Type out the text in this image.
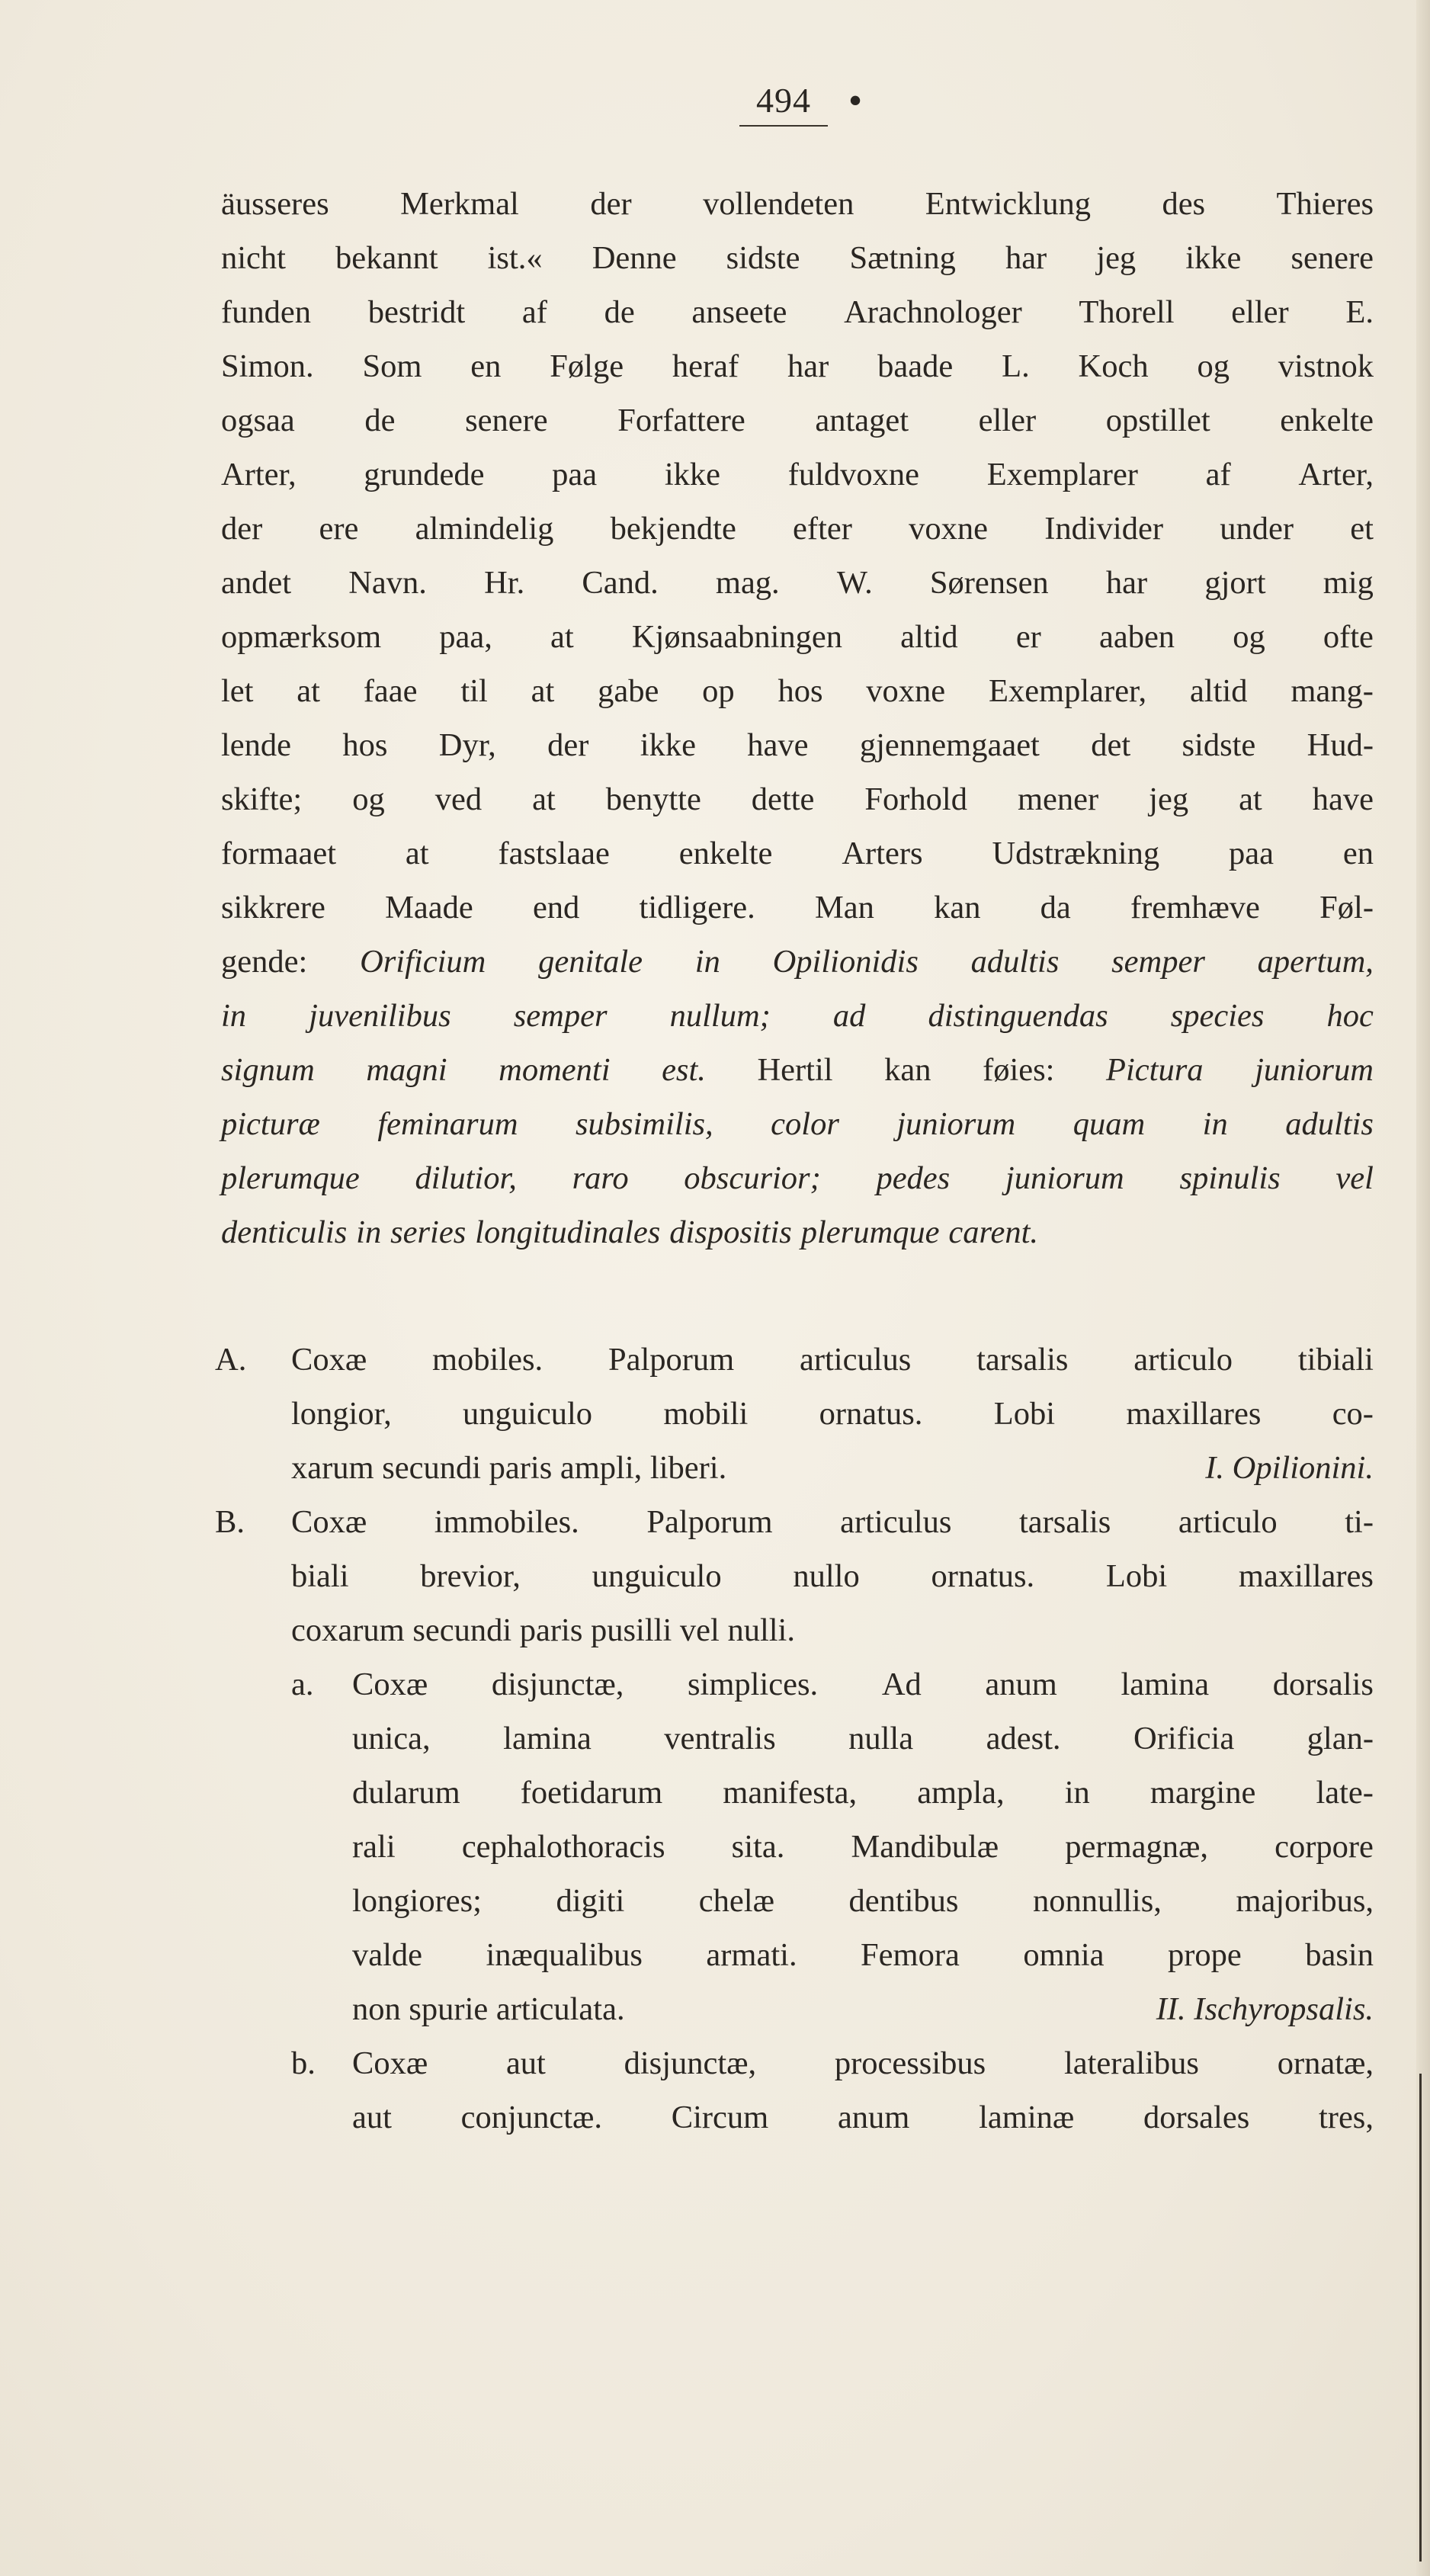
494 •
äusseres Merkmal der vollendeten Entwicklung des Thieres
nicht bekannt ist.« Denne sidste Sætning har jeg ikke senere
funden bestridt af de anseete Arachnologer Thorell eller E.
Simon. Som en Følge heraf har baade L. Koch og vistnok
ogsaa de senere Forfattere antaget eller opstillet enkelte
Arter, grundede paa ikke fuldvoxne Exemplarer af Arter,
der ere almindelig bekjendte efter voxne Individer under et
andet Navn. Hr. Cand. mag. W. Sørensen har gjort mig
opmærksom paa, at Kjønsaabningen altid er aaben og ofte
let at faae til at gabe op hos voxne Exemplarer, altid mang-
lende hos Dyr, der ikke have gjennemgaaet det sidste Hud-
skifte; og ved at benytte dette Forhold mener jeg at have
formaaet at fastslaae enkelte Arters Udstrækning paa en
sikkrere Maade end tidligere. Man kan da fremhæve Føl-
gende: Orificium genitale in Opilionidis adultis semper apertum,
in juvenilibus semper nullum; ad distinguendas species hoc
signum magni momenti est. Hertil kan føies: Pictura juniorum
picturæ feminarum subsimilis, color juniorum quam in adultis
plerumque dilutior, raro obscurior; pedes juniorum spinulis vel
denticulis in series longitudinales dispositis plerumque carent.
A.	Coxæ mobiles. Palporum articulus tarsalis articulo tibiali
longior, unguiculo mobili ornatus. Lobi maxillares co-
xarum secundi paris ampli, liberi.	I. Opilionini.
B.	Coxæ immobiles. Palporum articulus tarsalis articulo ti-
biali brevior, unguiculo nullo ornatus. Lobi maxillares
coxarum secundi paris pusilli vel nulli.
a.	Coxæ disjunctæ, simplices. Ad anum lamina dorsalis
unica, lamina ventralis nulla adest. Orificia glan-
dularum foetidarum manifesta, ampla, in margine late-
rali cephalothoracis sita. Mandibulæ permagnæ, corpore
longiores; digiti chelæ dentibus nonnullis, majoribus,
valde inæqualibus armati. Femora omnia prope basin
non spurie articulata.	II. Ischyropsalis.
b.	Coxæ aut disjunctæ, processibus lateralibus ornatæ,
aut conjunctæ. Circum anum laminæ dorsales tres,
